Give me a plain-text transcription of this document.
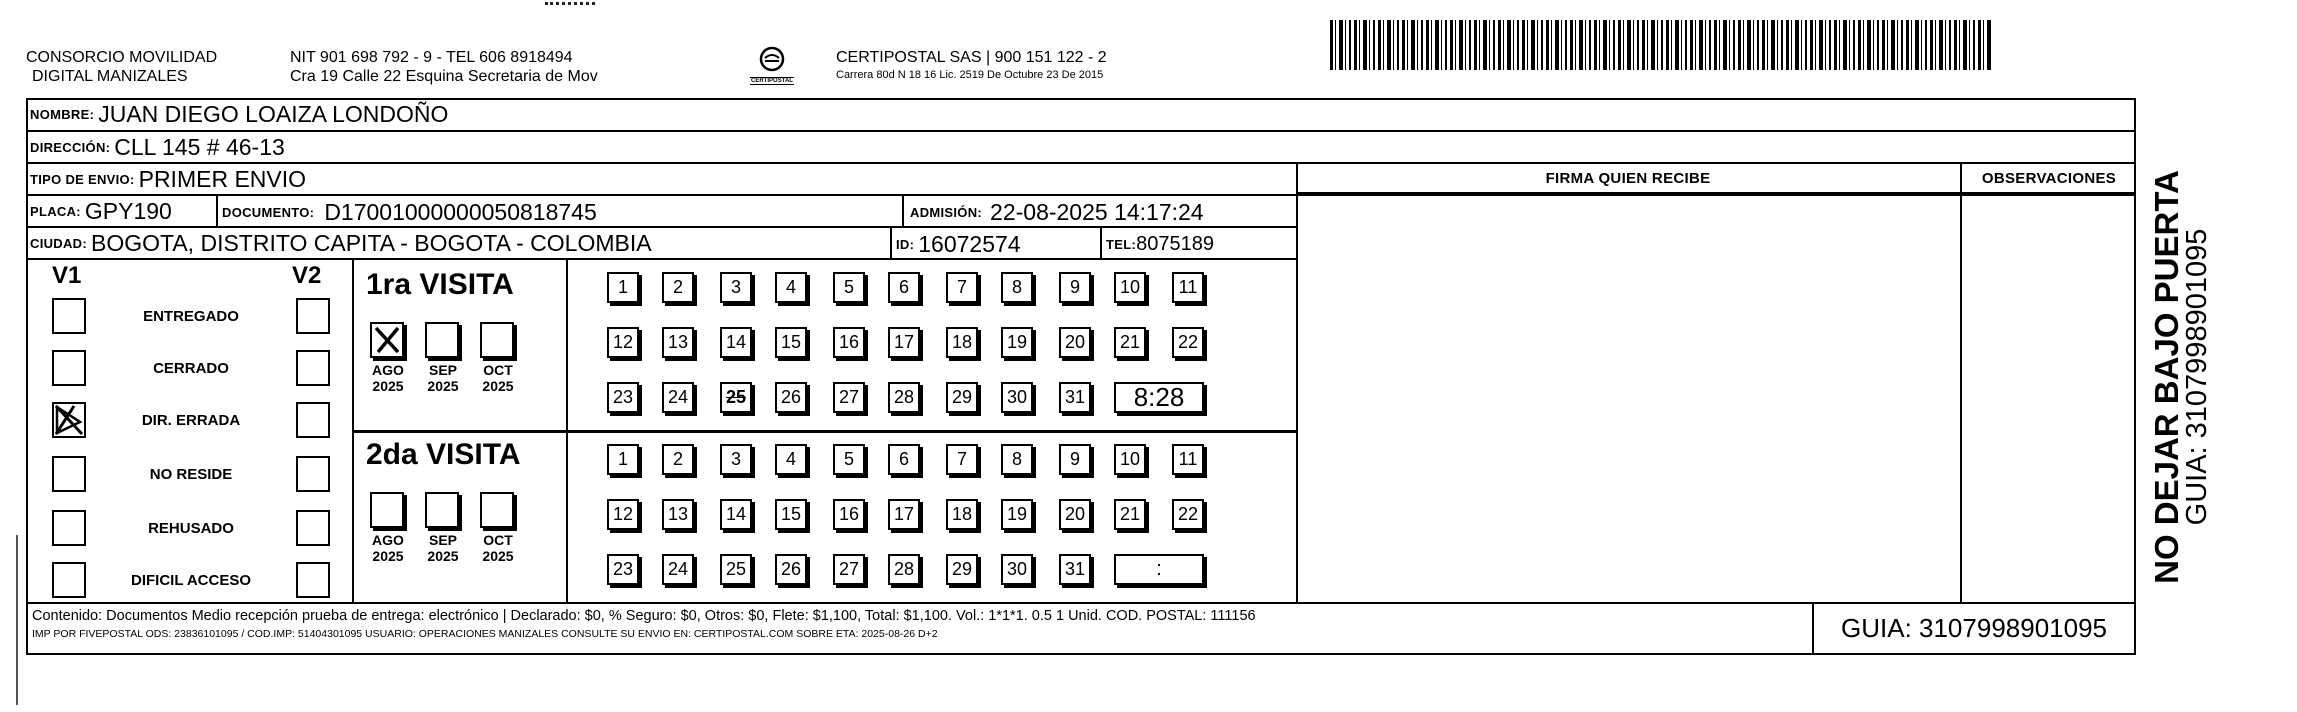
CONSORCIO MOVILIDAD
DIGITAL MANIZALES
NIT 901 698 792 - 9 - TEL 606 8918494
Cra 19 Calle 22 Esquina Secretaria de Mov	CERTIPOSTAL
CERTIPOSTAL SAS | 900 151 122 - 2
Carrera 80d N 18 16 Lic. 2519 De Octubre 23 De 2015
NOMBRE: JUAN DIEGO LOAIZA LONDOÑO
DIRECCIÓN: CLL 145 # 46-13
TIPO DE ENVIO: PRIMER ENVIO
PLACA: GPY190
CIUDAD: BOGOTA, DISTRITO CAPITA - BOGOTA - COLOMBIA
DOCUMENTO: D17001000000050818745	ADMISIÓN: 22-08-2025 14:17:24
ID: 16072574	TEL: 8075189
FIRMA QUIEN RECIBE	OBSERVACIONES
V1	V2
ENTREGADO
CERRADO
DIR. ERRADA
NO RESIDE
REHUSADO
DIFICIL ACCESO
1ra VISITA
2da VISITA
AGO
2025
SEP
2025
OCT
2025
AGO
2025
SEP
2025
OCT
2025
1	2	3	4	5	6	7	8	9	10	11
12	13	14	15	16	17	18	19	20	21	22
23	24	25	26	27	28	29	30	31	8:28
1	2	3	4	5	6	7	8	9	10	11
12	13	14	15	16	17	18	19	20	21	22
23	24	25	26	27	28	29	30	31	:
Contenido: Documentos Medio recepción prueba de entrega: electrónico | Declarado: $0, % Seguro: $0, Otros: $0, Flete: $1,100, Total: $1,100. Vol.: 1*1*1. 0.5 1 Unid. COD. POSTAL: 111156
IMP POR FIVEPOSTAL ODS: 23836101095 / COD.IMP: 51404301095 USUARIO: OPERACIONES MANIZALES CONSULTE SU ENVIO EN: CERTIPOSTAL.COM SOBRE ETA: 2025-08-26 D+2	GUIA: 3107998901095
NO DEJAR BAJO PUERTA
GUIA: 3107998901095
